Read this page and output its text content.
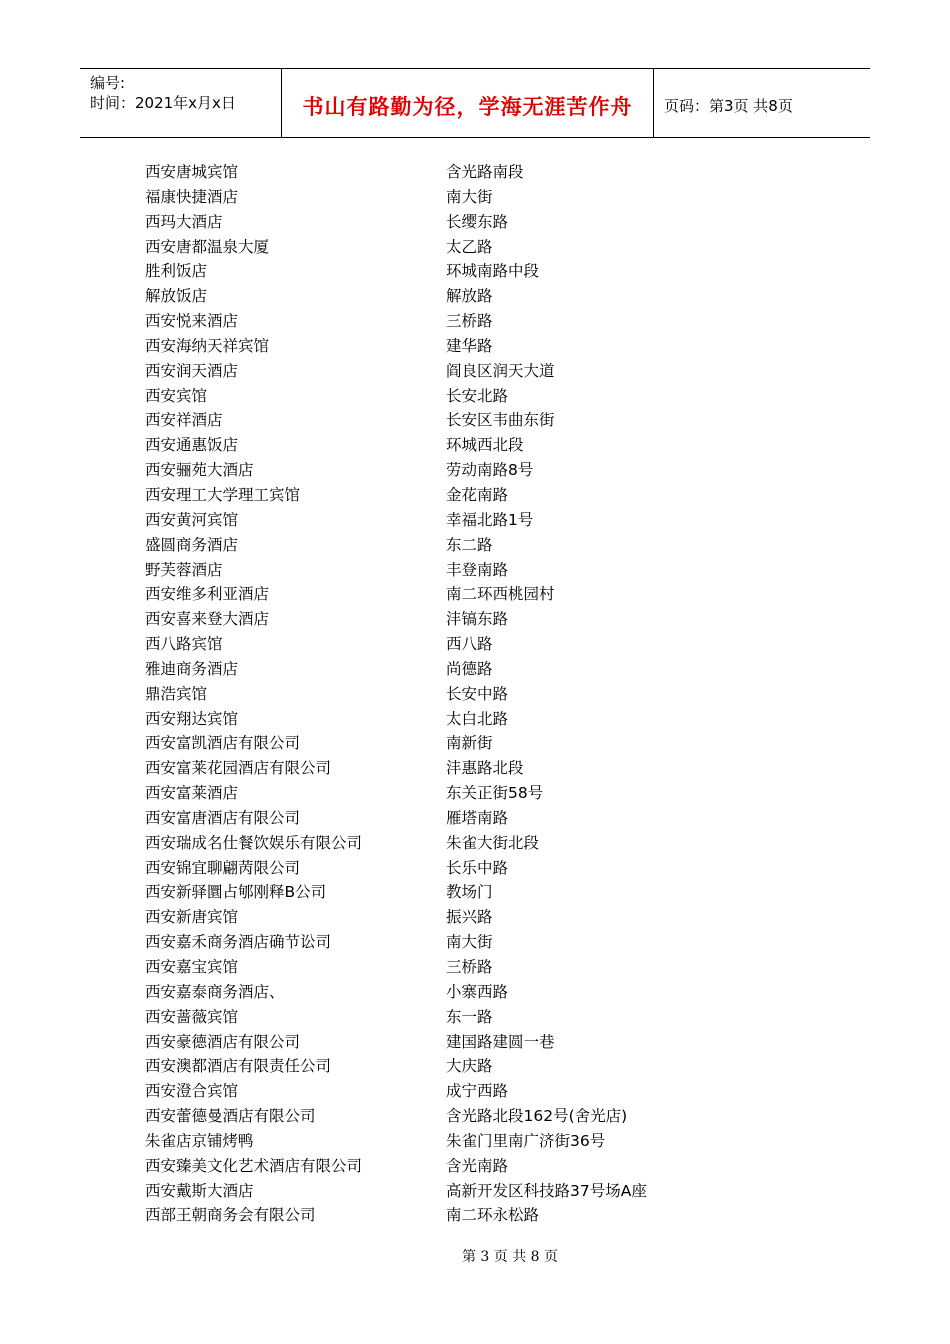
编号:
时间：2021年x月x日	书山有路勤为径，学海无涯苦作舟	页码：第3页 共8页
西安唐城宾馆	含光路南段
福康快捷酒店	南大街
西玛大酒店	长缨东路
西安唐都温泉大厦	太乙路
胜利饭店	环城南路中段
解放饭店	解放路
西安悦来酒店	三桥路
西安海纳天祥宾馆	建华路
西安润天酒店	阎良区润天大道
西安宾馆	长安北路
西安祥酒店	长安区韦曲东街
西安通惠饭店	环城西北段
西安骊苑大酒店	劳动南路8号
西安理工大学理工宾馆	金花南路
西安黄河宾馆	幸福北路1号
盛圆商务酒店	东二路
野芙蓉酒店	丰登南路
西安维多利亚酒店	南二环西桃园村
西安喜来登大酒店	沣镐东路
西八路宾馆	西八路
雅迪商务酒店	尚德路
鼎浩宾馆	长安中路
西安翔达宾馆	太白北路
西安富凯酒店有限公司	南新街
西安富莱花园酒店有限公司	沣惠路北段
西安富莱酒店	东关正街58号
西安富唐酒店有限公司	雁塔南路
西安瑞成名仕餐饮娱乐有限公司	朱雀大街北段
西安锦宜聊翩苪限公司	长乐中路
西安新驿圜占郇刚释B公司	教场门
西安新唐宾馆	振兴路
西安嘉禾商务酒店确节讼司	南大街
西安嘉宝宾馆	三桥路
西安嘉泰商务酒店、	小寨西路
西安蔷薇宾馆	东一路
西安豪德酒店有限公司	建国路建圆一巷
西安澳都酒店有限责任公司	大庆路
西安澄合宾馆	成宁西路
西安蕾德曼酒店有限公司	含光路北段162号(舍光店)
朱雀店京铺烤鸭	朱雀门里南广济街36号
西安臻美文化艺术酒店有限公司	含光南路
西安戴斯大酒店	高新开发区科技路37号场A座
西部王朝商务会有限公司	南二环永松路
第 3 页 共 8 页
